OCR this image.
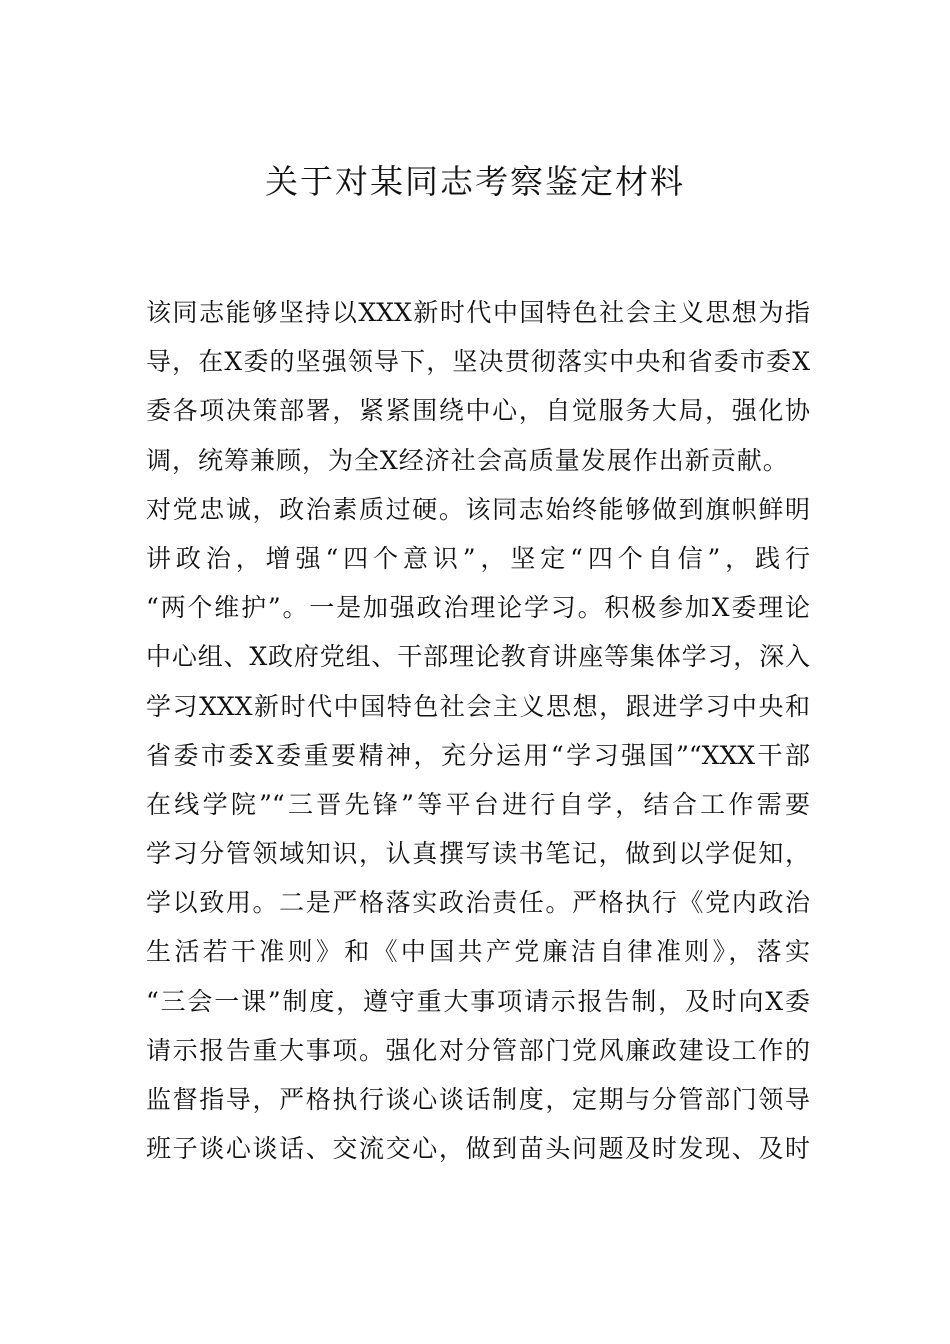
关于对某同志考察鉴定材料
该同志能够坚持以XXX新时代中国特色社会主义思想为指
导，在X委的坚强领导下，坚决贯彻落实中央和省委市委X
委各项决策部署，紧紧围绕中心，自觉服务大局，强化协
调，统筹兼顾，为全X经济社会高质量发展作出新贡献。
对党忠诚，政治素质过硬。该同志始终能够做到旗帜鲜明
讲政治，增强“四个意识”，坚定“四个自信”，践行
“两个维护”。一是加强政治理论学习。积极参加X委理论
中心组、X政府党组、干部理论教育讲座等集体学习，深入
学习XXX新时代中国特色社会主义思想，跟进学习中央和
省委市委X委重要精神，充分运用“学习强国”“XXX干部
在线学院”“三晋先锋”等平台进行自学，结合工作需要
学习分管领域知识，认真撰写读书笔记，做到以学促知，
学以致用。二是严格落实政治责任。严格执行《党内政治
生活若干准则》和《中国共产党廉洁自律准则》，落实
“三会一课”制度，遵守重大事项请示报告制，及时向X委
请示报告重大事项。强化对分管部门党风廉政建设工作的
监督指导，严格执行谈心谈话制度，定期与分管部门领导
班子谈心谈话、交流交心，做到苗头问题及时发现、及时
